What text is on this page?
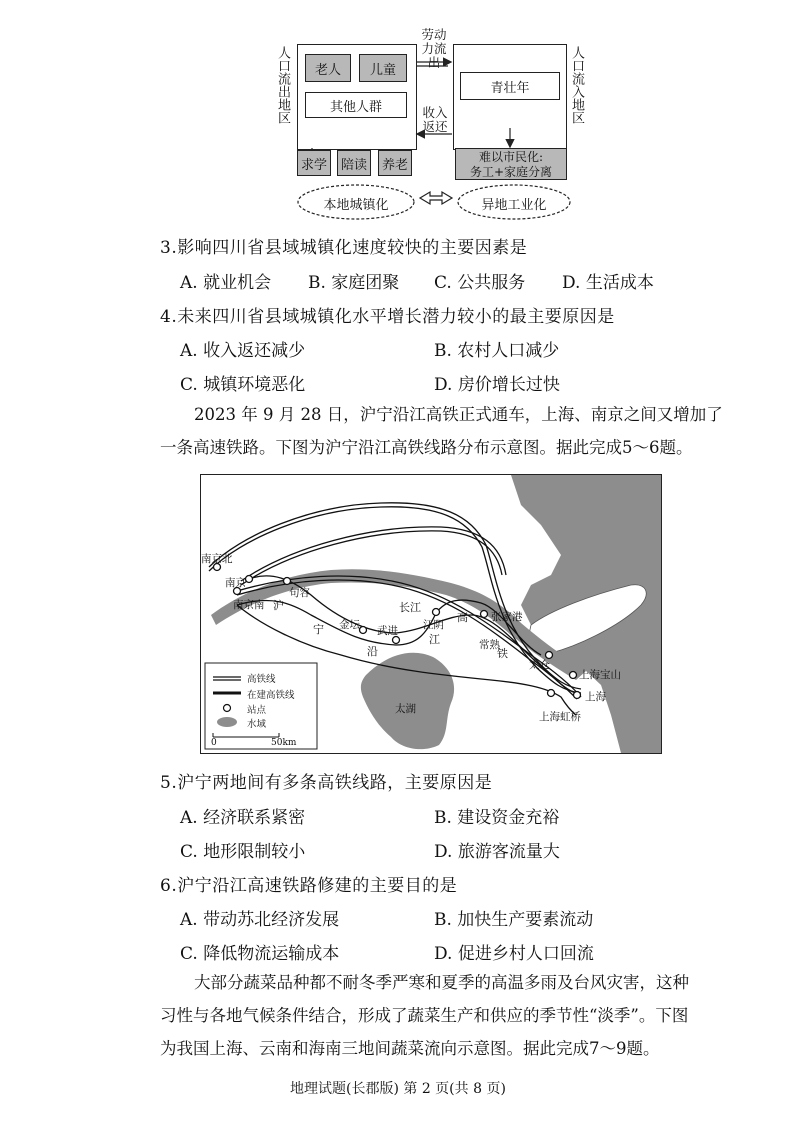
人口流出地区	人口流入地区
老人	儿童
其他人群
劳动力流出
收入返还
青壮年
求学	陪读	养老
难以市民化:
务工+家庭分离
本地城镇化	异地工业化
3.影响四川省县域城镇化速度较快的主要因素是
A. 就业机会 B. 家庭团聚 C. 公共服务 D. 生活成本
4.未来四川省县域城镇化水平增长潜力较小的最主要原因是
A. 收入返还减少	B. 农村人口减少
C. 城镇环境恶化	D. 房价增长过快
2023 年 9 月 28 日，沪宁沿江高铁正式通车，上海、南京之间又增加了
一条高速铁路。下图为沪宁沿江高铁线路分布示意图。据此完成5～6题。
南京北
南京
南京南
句容
金坛 武进 江阴
张家港
常熟
太仓
上海宝山
上海
上海虹桥
长江
太湖
沪
宁
沿
江
高
铁
高铁线
在建高铁线
站点
水域
0	50km
5.沪宁两地间有多条高铁线路，主要原因是
A. 经济联系紧密	B. 建设资金充裕
C. 地形限制较小	D. 旅游客流量大
6.沪宁沿江高速铁路修建的主要目的是
A. 带动苏北经济发展	B. 加快生产要素流动
C. 降低物流运输成本	D. 促进乡村人口回流
大部分蔬菜品种都不耐冬季严寒和夏季的高温多雨及台风灾害，这种
习性与各地气候条件结合，形成了蔬菜生产和供应的季节性“淡季”。下图
为我国上海、云南和海南三地间蔬菜流向示意图。据此完成7～9题。
地理试题(长郡版) 第 2 页(共 8 页)
